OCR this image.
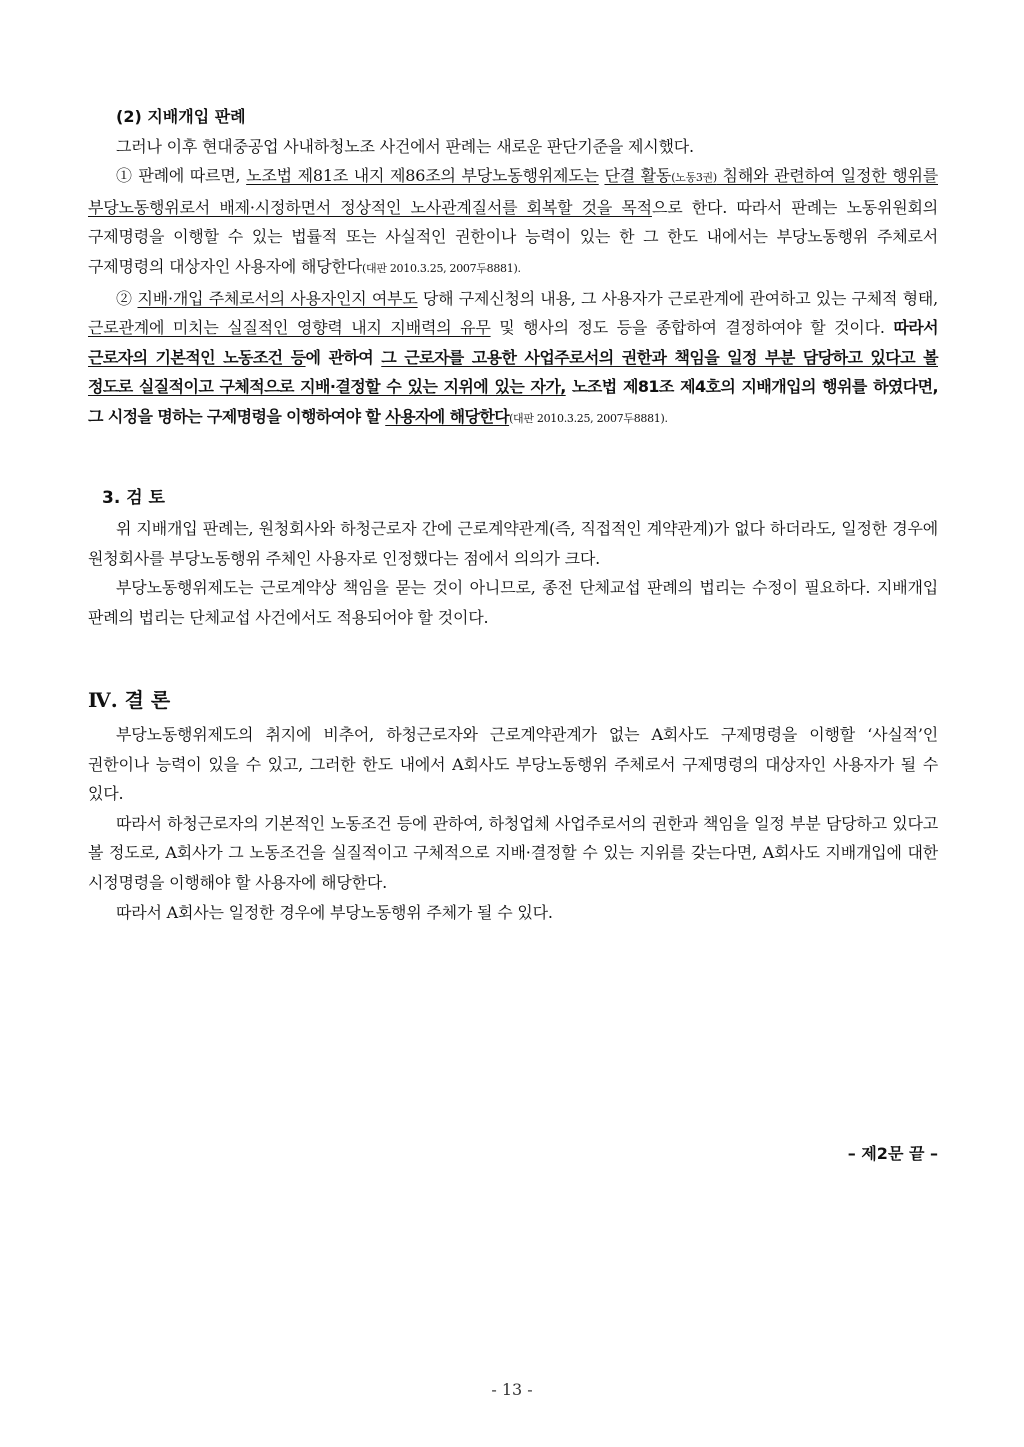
(2) 지배개입 판례

그러나 이후 현대중공업 사내하청노조 사건에서 판례는 새로운 판단기준을 제시했다.

① 판례에 따르면, 노조법 제81조 내지 제86조의 부당노동행위제도는 단결 활동(노동3권) 침해와 관련하여 일정한 행위를 부당노동행위로서 배제·시정하면서 정상적인 노사관계질서를 회복할 것을 목적으로 한다. 따라서 판례는 노동위원회의 구제명령을 이행할 수 있는 법률적 또는 사실적인 권한이나 능력이 있는 한 그 한도 내에서는 부당노동행위 주체로서 구제명령의 대상자인 사용자에 해당한다(대판 2010.3.25, 2007두8881).

② 지배·개입 주체로서의 사용자인지 여부도 당해 구제신청의 내용, 그 사용자가 근로관계에 관여하고 있는 구체적 형태, 근로관계에 미치는 실질적인 영향력 내지 지배력의 유무 및 행사의 정도 등을 종합하여 결정하여야 할 것이다. 따라서 근로자의 기본적인 노동조건 등에 관하여 그 근로자를 고용한 사업주로서의 권한과 책임을 일정 부분 담당하고 있다고 볼 정도로 실질적이고 구체적으로 지배·결정할 수 있는 지위에 있는 자가, 노조법 제81조 제4호의 지배개입의 행위를 하였다면, 그 시정을 명하는 구제명령을 이행하여야 할 사용자에 해당한다(대판 2010.3.25, 2007두8881).

3. 검 토

위 지배개입 판례는, 원청회사와 하청근로자 간에 근로계약관계(즉, 직접적인 계약관계)가 없다 하더라도, 일정한 경우에 원청회사를 부당노동행위 주체인 사용자로 인정했다는 점에서 의의가 크다.

부당노동행위제도는 근로계약상 책임을 묻는 것이 아니므로, 종전 단체교섭 판례의 법리는 수정이 필요하다. 지배개입 판례의 법리는 단체교섭 사건에서도 적용되어야 할 것이다.

Ⅳ. 결 론

부당노동행위제도의 취지에 비추어, 하청근로자와 근로계약관계가 없는 A회사도 구제명령을 이행할 ‘사실적’인 권한이나 능력이 있을 수 있고, 그러한 한도 내에서 A회사도 부당노동행위 주체로서 구제명령의 대상자인 사용자가 될 수 있다.

따라서 하청근로자의 기본적인 노동조건 등에 관하여, 하청업체 사업주로서의 권한과 책임을 일정 부분 담당하고 있다고 볼 정도로, A회사가 그 노동조건을 실질적이고 구체적으로 지배·결정할 수 있는 지위를 갖는다면, A회사도 지배개입에 대한 시정명령을 이행해야 할 사용자에 해당한다.

따라서 A회사는 일정한 경우에 부당노동행위 주체가 될 수 있다.

– 제2문 끝 –
- 13 -
